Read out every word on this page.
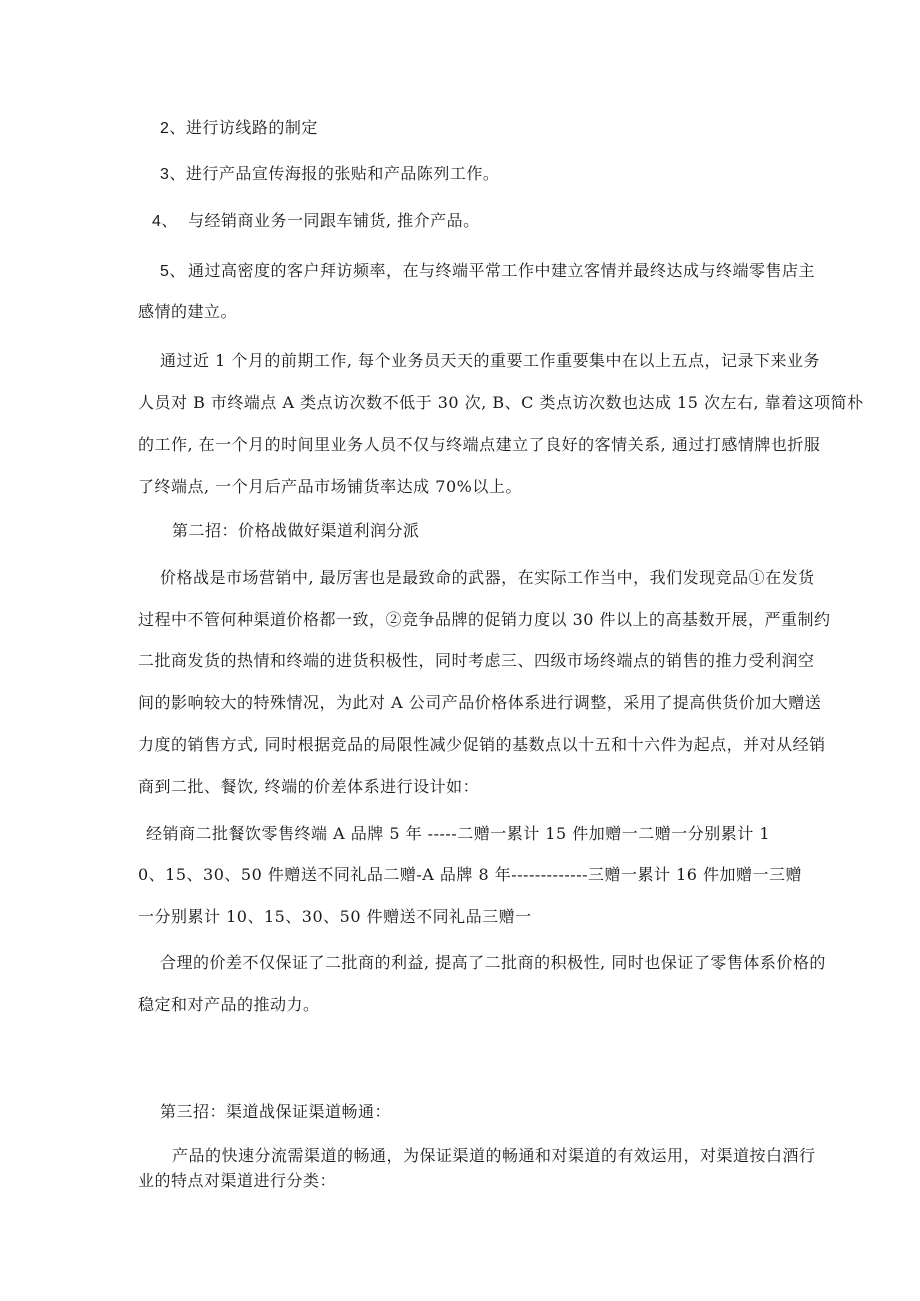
2、进行访线路的制定
3、进行产品宣传海报的张贴和产品陈列工作。
4、 与经销商业务一同跟车铺货, 推介产品。
5、 通过高密度的客户拜访频率，在与终端平常工作中建立客情并最终达成与终端零售店主
感情的建立。
通过近 1 个月的前期工作, 每个业务员天天的重要工作重要集中在以上五点，记录下来业务
人员对 B 市终端点 A 类点访次数不低于 30 次, B、C 类点访次数也达成 15 次左右, 靠着这项简朴
的工作, 在一个月的时间里业务人员不仅与终端点建立了良好的客情关系, 通过打感情牌也折服
了终端点, 一个月后产品市场铺货率达成 70%以上。
第二招：价格战做好渠道利润分派
价格战是市场营销中, 最厉害也是最致命的武器，在实际工作当中，我们发现竞品①在发货
过程中不管何种渠道价格都一致，②竞争品牌的促销力度以 30 件以上的高基数开展，严重制约
二批商发货的热情和终端的进货积极性，同时考虑三、四级市场终端点的销售的推力受利润空
间的影响较大的特殊情况，为此对 A 公司产品价格体系进行调整，采用了提高供货价加大赠送
力度的销售方式, 同时根据竞品的局限性减少促销的基数点以十五和十六件为起点，并对从经销
商到二批、餐饮, 终端的价差体系进行设计如：
经销商二批餐饮零售终端 A 品牌 5 年 -----二赠一累计 15 件加赠一二赠一分别累计 1
0、15、30、50 件赠送不同礼品二赠-A 品牌 8 年-------------三赠一累计 16 件加赠一三赠
一分别累计 10、15、30、50 件赠送不同礼品三赠一
合理的价差不仅保证了二批商的利益, 提高了二批商的积极性, 同时也保证了零售体系价格的
稳定和对产品的推动力。
第三招：渠道战保证渠道畅通：
产品的快速分流需渠道的畅通，为保证渠道的畅通和对渠道的有效运用，对渠道按白酒行
业的特点对渠道进行分类：
